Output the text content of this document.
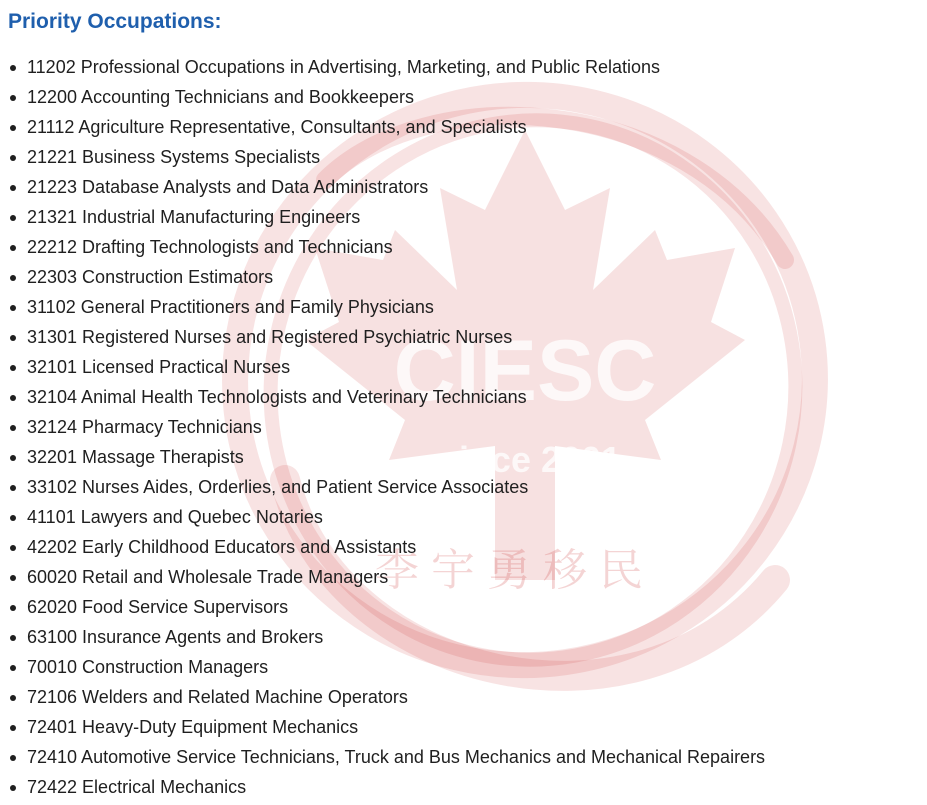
CIESC
since 2001
李宇勇移民
Priority Occupations:
11202 Professional Occupations in Advertising, Marketing, and Public Relations
12200 Accounting Technicians and Bookkeepers
21112 Agriculture Representative, Consultants, and Specialists
21221 Business Systems Specialists
21223 Database Analysts and Data Administrators
21321 Industrial Manufacturing Engineers
22212 Drafting Technologists and Technicians
22303 Construction Estimators
31102 General Practitioners and Family Physicians
31301 Registered Nurses and Registered Psychiatric Nurses
32101 Licensed Practical Nurses
32104 Animal Health Technologists and Veterinary Technicians
32124 Pharmacy Technicians
32201 Massage Therapists
33102 Nurses Aides, Orderlies, and Patient Service Associates
41101 Lawyers and Quebec Notaries
42202 Early Childhood Educators and Assistants
60020 Retail and Wholesale Trade Managers
62020 Food Service Supervisors
63100 Insurance Agents and Brokers
70010 Construction Managers
72106 Welders and Related Machine Operators
72401 Heavy-Duty Equipment Mechanics
72410 Automotive Service Technicians, Truck and Bus Mechanics and Mechanical Repairers
72422 Electrical Mechanics
